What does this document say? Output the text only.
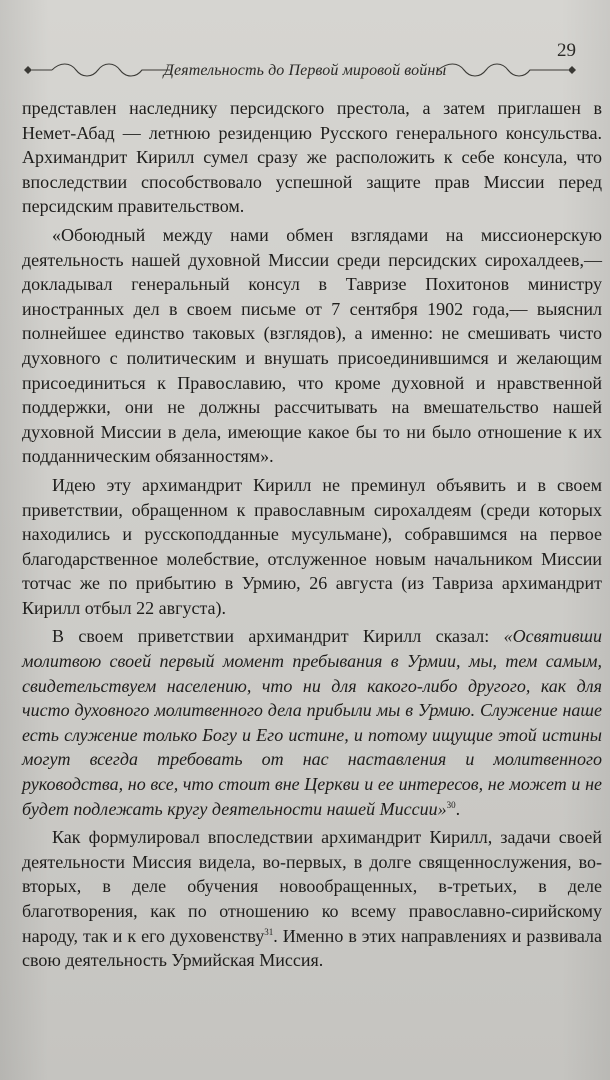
29
Деятельность до Первой мировой войны

представлен наследнику персидского престола, а затем приглашен в Немет-Абад — летнюю резиденцию Русского генерального консульства. Архимандрит Кирилл сумел сразу же расположить к себе консула, что впоследствии способствовало успешной защите прав Миссии перед персидским правительством.

«Обоюдный между нами обмен взглядами на миссионерскую деятельность нашей духовной Миссии среди персидских сирохалдеев,— докладывал генеральный консул в Тавризе Похитонов министру иностранных дел в своем письме от 7 сентября 1902 года,— выяснил полнейшее единство таковых (взглядов), а именно: не смешивать чисто духовного с политическим и внушать присоединившимся и желающим присоединиться к Православию, что кроме духовной и нравственной поддержки, они не должны рассчитывать на вмешательство нашей духовной Миссии в дела, имеющие какое бы то ни было отношение к их подданническим обязанностям».

Идею эту архимандрит Кирилл не преминул объявить и в своем приветствии, обращенном к православным сирохалдеям (среди которых находились и русскоподданные мусульмане), собравшимся на первое благодарственное молебствие, отслуженное новым начальником Миссии тотчас же по прибытию в Урмию, 26 августа (из Тавриза архимандрит Кирилл отбыл 22 августа).

В своем приветствии архимандрит Кирилл сказал: «Освятивши молитвою своей первый момент пребывания в Урмии, мы, тем самым, свидетельствуем населению, что ни для какого-либо другого, как для чисто духовного молитвенного дела прибыли мы в Урмию. Служение наше есть служение только Богу и Его истине, и потому ищущие этой истины могут всегда требовать от нас наставления и молитвенного руководства, но все, что стоит вне Церкви и ее интересов, не может и не будет подлежать кругу деятельности нашей Миссии»$^{30}$.

Как формулировал впоследствии архимандрит Кирилл, задачи своей деятельности Миссия видела, во-первых, в долге священнослужения, во-вторых, в деле обучения новообращенных, в-третьих, в деле благотворения, как по отношению ко всему православно-сирийскому народу, так и к его духовенству$^{31}$. Именно в этих направлениях и развивала свою деятельность Урмийская Миссия.
